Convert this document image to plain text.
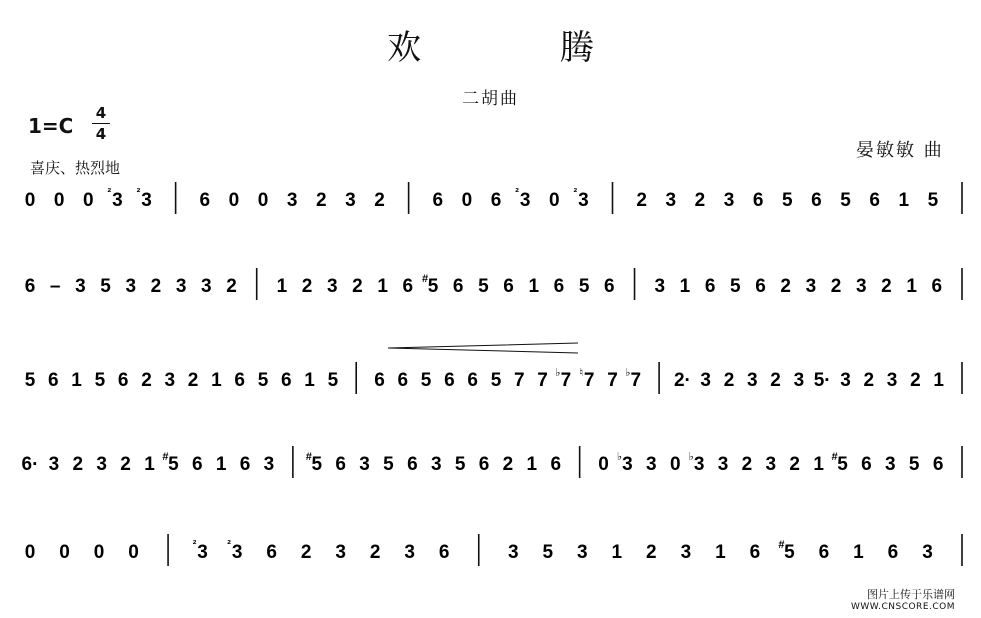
欢 腾
二胡曲
1=C
4
4
喜庆、热烈地
晏敏敏 曲
0 0 0 ² 3 ² 3	6 0 0 3 2 3 2	6 0 6 ² 3 0 ² 3	2 3 2 3 6 5 6 5 6 1 5
6 – 3 5 3 2 3 3 2 1 2 3 2 1 6 # 5 6 5 6 1 6 5 6 3 1 6 5 6 2 3 2 3 2 1 6
5 6 1 5 6 2 3 2 1 6 5 6 1 5 6 6 5 6 6 5 7 7 ♭ 7 ♮ 7 7 ♭ 7 2· 3 2 3 2 3 5· 3 2 3 2 1
6· 3 2 3 2 1 # 5 6 1 6 3	# 5 6 3 5 6 3 5 6 2 1 6 0 ♭ 3 3 0 ♭ 3 3 2 3 2 1 # 5 6 3 5 6
0 0 0 0	² 3 ² 3 6 2 3 2 3 6	3 5 3 1 2 3 1 6 # 5 6 1 6 3
图片上传于乐谱网
WWW.CNSCORE.COM
